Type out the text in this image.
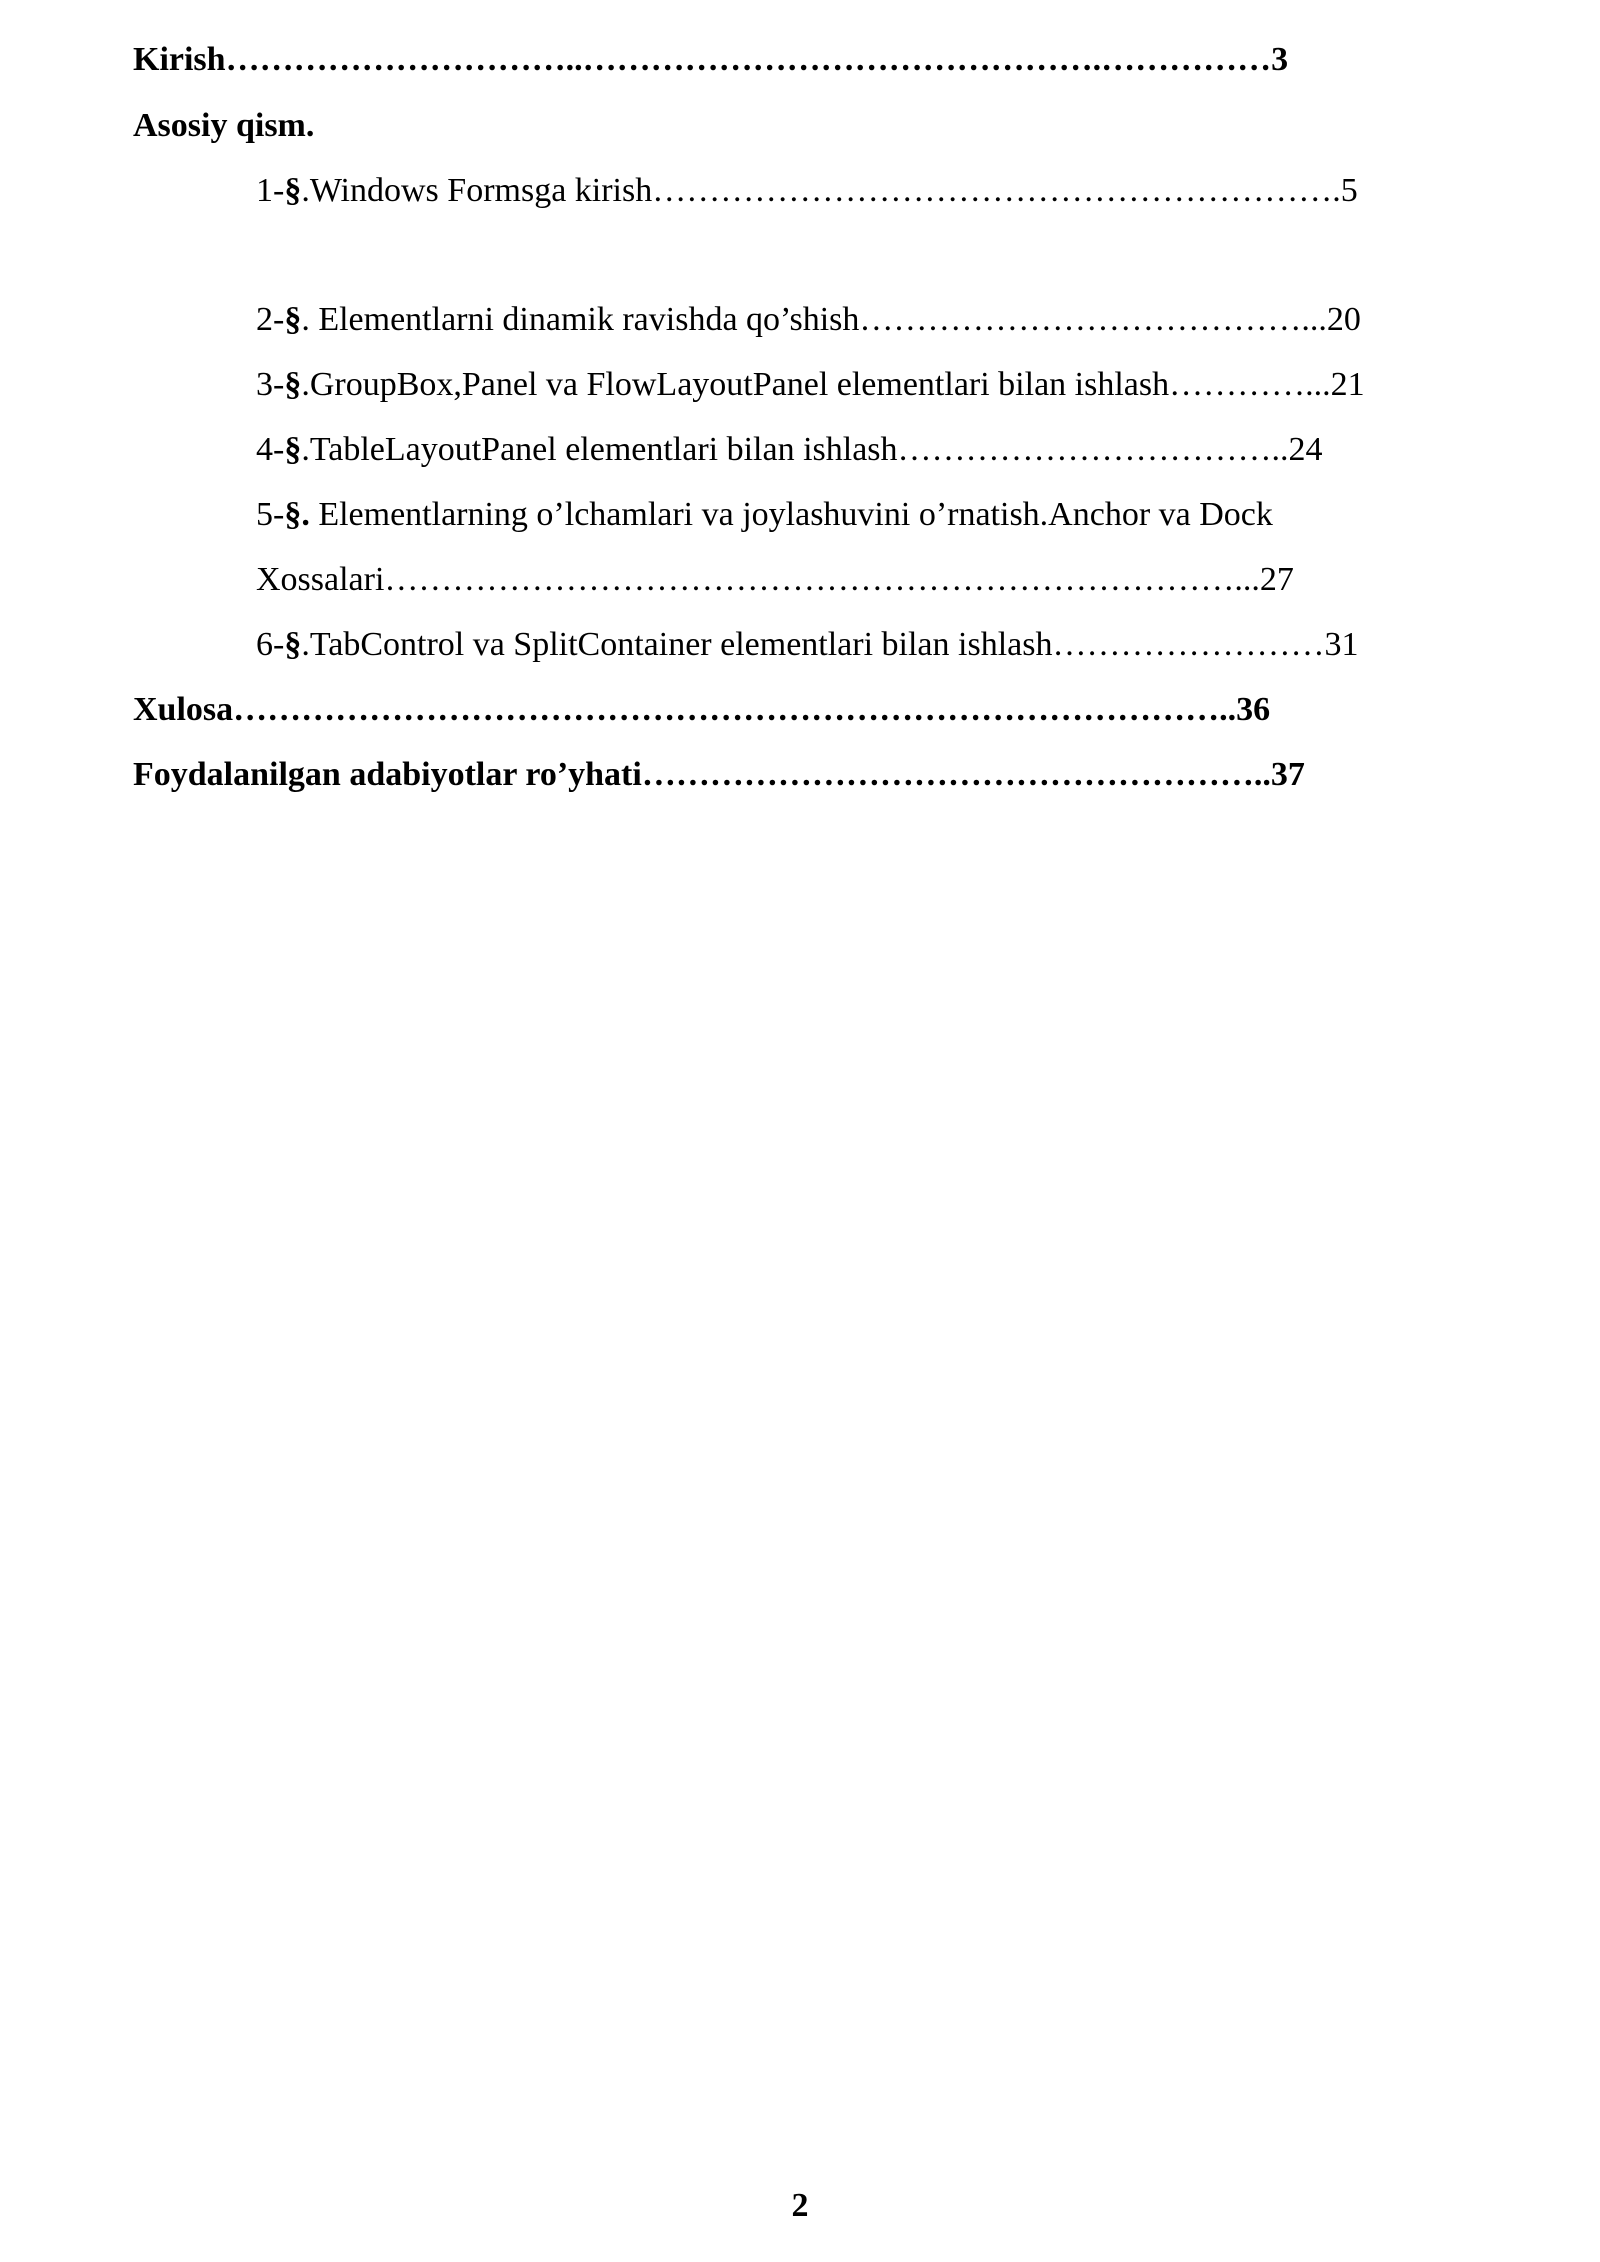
Kirish…………………………..……………………………………….……………3
Asosiy qism.
1-§.Windows Formsga kirish…………………………………………………….5
2-§. Elementlarni dinamik ravishda qo’shish…………………………………...20
3-§.GroupBox,Panel va FlowLayoutPanel elementlari bilan ishlash…………...21
4-§.TableLayoutPanel elementlari bilan ishlash……………………………..24
5-§. Elementlarning o’lchamlari va joylashuvini o’rnatish.Anchor va Dock
Xossalari…………………………………………………………………...27
6-§.TabControl va SplitContainer elementlari bilan ishlash……………………31
Xulosa……………………………………………………………………………..36
Foydalanilgan adabiyotlar ro’yhati………………………………………………..37
2
